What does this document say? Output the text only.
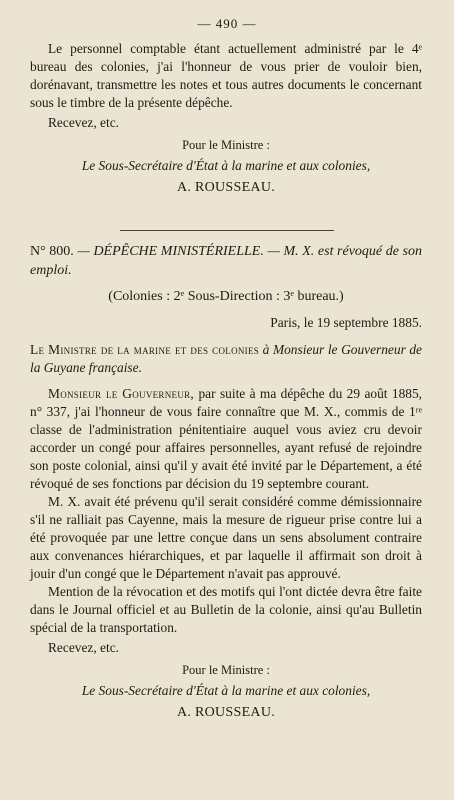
— 490 —

Le personnel comptable étant actuellement administré par le 4ᵉ bureau des colonies, j'ai l'honneur de vous prier de vouloir bien, dorénavant, transmettre les notes et tous autres documents le concernant sous le timbre de la présente dépêche.

Recevez, etc.

Pour le Ministre :

Le Sous-Secrétaire d'État à la marine et aux colonies,

A. ROUSSEAU.

N° 800. — DÉPÊCHE MINISTÉRIELLE. — M. X. est révoqué de son emploi.

(Colonies : 2ᵉ Sous-Direction : 3ᵉ bureau.)

Paris, le 19 septembre 1885.

Le Ministre de la marine et des colonies à Monsieur le Gouverneur de la Guyane française.

Monsieur le Gouverneur, par suite à ma dépêche du 29 août 1885, n° 337, j'ai l'honneur de vous faire connaître que M. X., commis de 1ʳᵉ classe de l'administration pénitentiaire auquel vous aviez cru devoir accorder un congé pour affaires personnelles, ayant refusé de rejoindre son poste colonial, ainsi qu'il y avait été invité par le Département, a été révoqué de ses fonctions par décision du 19 septembre courant.

M. X. avait été prévenu qu'il serait considéré comme démissionnaire s'il ne ralliait pas Cayenne, mais la mesure de rigueur prise contre lui a été provoquée par une lettre conçue dans un sens absolument contraire aux convenances hiérarchiques, et par laquelle il affirmait son droit à jouir d'un congé que le Département n'avait pas approuvé.

Mention de la révocation et des motifs qui l'ont dictée devra être faite dans le Journal officiel et au Bulletin de la colonie, ainsi qu'au Bulletin spécial de la transportation.

Recevez, etc.

Pour le Ministre :

Le Sous-Secrétaire d'État à la marine et aux colonies,

A. ROUSSEAU.
